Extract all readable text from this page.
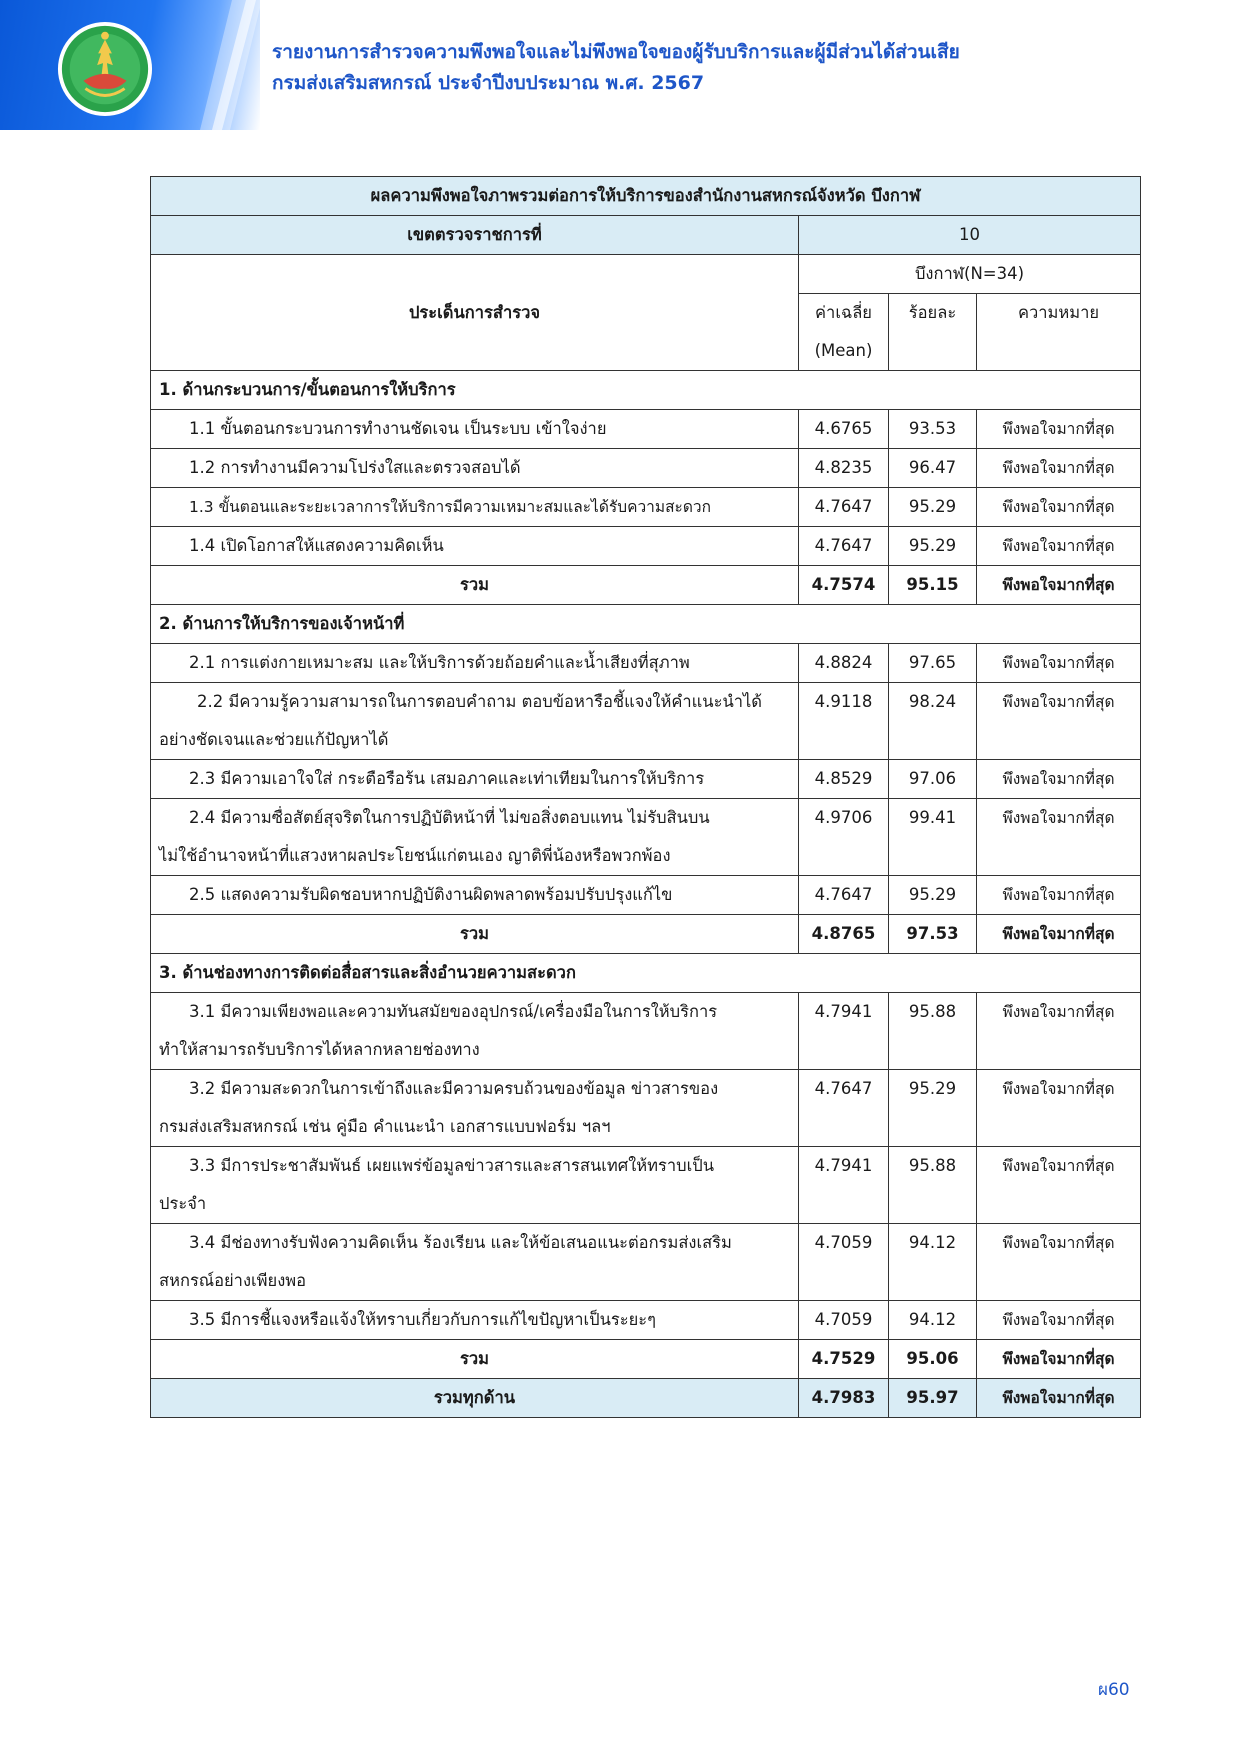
รายงานการสำรวจความพึงพอใจและไม่พึงพอใจของผู้รับบริการและผู้มีส่วนได้ส่วนเสีย
กรมส่งเสริมสหกรณ์ ประจำปีงบประมาณ พ.ศ. 2567
ผลความพึงพอใจภาพรวมต่อการให้บริการของสำนักงานสหกรณ์จังหวัด บึงกาฬ			
เขตตรวจราชการที่	10		
ประเด็นการสำรวจ	บึงกาฬ(N=34)		
	ค่าเฉลี่ย	ร้อยละ	ความหมาย
	(Mean)		
1. ด้านกระบวนการ/ขั้นตอนการให้บริการ			
1.1 ขั้นตอนกระบวนการทำงานชัดเจน เป็นระบบ เข้าใจง่าย	4.6765	93.53	พึงพอใจมากที่สุด
1.2 การทำงานมีความโปร่งใสและตรวจสอบได้	4.8235	96.47	พึงพอใจมากที่สุด
1.3 ขั้นตอนและระยะเวลาการให้บริการมีความเหมาะสมและได้รับความสะดวก	4.7647	95.29	พึงพอใจมากที่สุด
1.4 เปิดโอกาสให้แสดงความคิดเห็น	4.7647	95.29	พึงพอใจมากที่สุด
รวม	4.7574	95.15	พึงพอใจมากที่สุด
2. ด้านการให้บริการของเจ้าหน้าที่			
2.1 การแต่งกายเหมาะสม และให้บริการด้วยถ้อยคำและน้ำเสียงที่สุภาพ	4.8824	97.65	พึงพอใจมากที่สุด

2.2 มีความรู้ความสามารถในการตอบคำถาม ตอบข้อหารือชี้แจงให้คำแนะนำได้
อย่างชัดเจนและช่วยแก้ปัญหาได้	4.9118	98.24	พึงพอใจมากที่สุด
2.3 มีความเอาใจใส่ กระตือรือร้น เสมอภาคและเท่าเทียมในการให้บริการ	4.8529	97.06	พึงพอใจมากที่สุด

2.4 มีความซื่อสัตย์สุจริตในการปฏิบัติหน้าที่ ไม่ขอสิ่งตอบแทน ไม่รับสินบน
ไม่ใช้อำนาจหน้าที่แสวงหาผลประโยชน์แก่ตนเอง ญาติพี่น้องหรือพวกพ้อง	4.9706	99.41	พึงพอใจมากที่สุด
2.5 แสดงความรับผิดชอบหากปฏิบัติงานผิดพลาดพร้อมปรับปรุงแก้ไข	4.7647	95.29	พึงพอใจมากที่สุด
รวม	4.8765	97.53	พึงพอใจมากที่สุด
3. ด้านช่องทางการติดต่อสื่อสารและสิ่งอำนวยความสะดวก			

3.1 มีความเพียงพอและความทันสมัยของอุปกรณ์/เครื่องมือในการให้บริการ
ทำให้สามารถรับบริการได้หลากหลายช่องทาง	4.7941	95.88	พึงพอใจมากที่สุด

3.2 มีความสะดวกในการเข้าถึงและมีความครบถ้วนของข้อมูล ข่าวสารของ
กรมส่งเสริมสหกรณ์ เช่น คู่มือ คำแนะนำ เอกสารแบบฟอร์ม ฯลฯ	4.7647	95.29	พึงพอใจมากที่สุด

3.3 มีการประชาสัมพันธ์ เผยแพร่ข้อมูลข่าวสารและสารสนเทศให้ทราบเป็น
ประจำ	4.7941	95.88	พึงพอใจมากที่สุด

3.4 มีช่องทางรับฟังความคิดเห็น ร้องเรียน และให้ข้อเสนอแนะต่อกรมส่งเสริม
สหกรณ์อย่างเพียงพอ	4.7059	94.12	พึงพอใจมากที่สุด
3.5 มีการชี้แจงหรือแจ้งให้ทราบเกี่ยวกับการแก้ไขปัญหาเป็นระยะๆ	4.7059	94.12	พึงพอใจมากที่สุด
รวม	4.7529	95.06	พึงพอใจมากที่สุด
รวมทุกด้าน	4.7983	95.97	พึงพอใจมากที่สุด
ผ60
